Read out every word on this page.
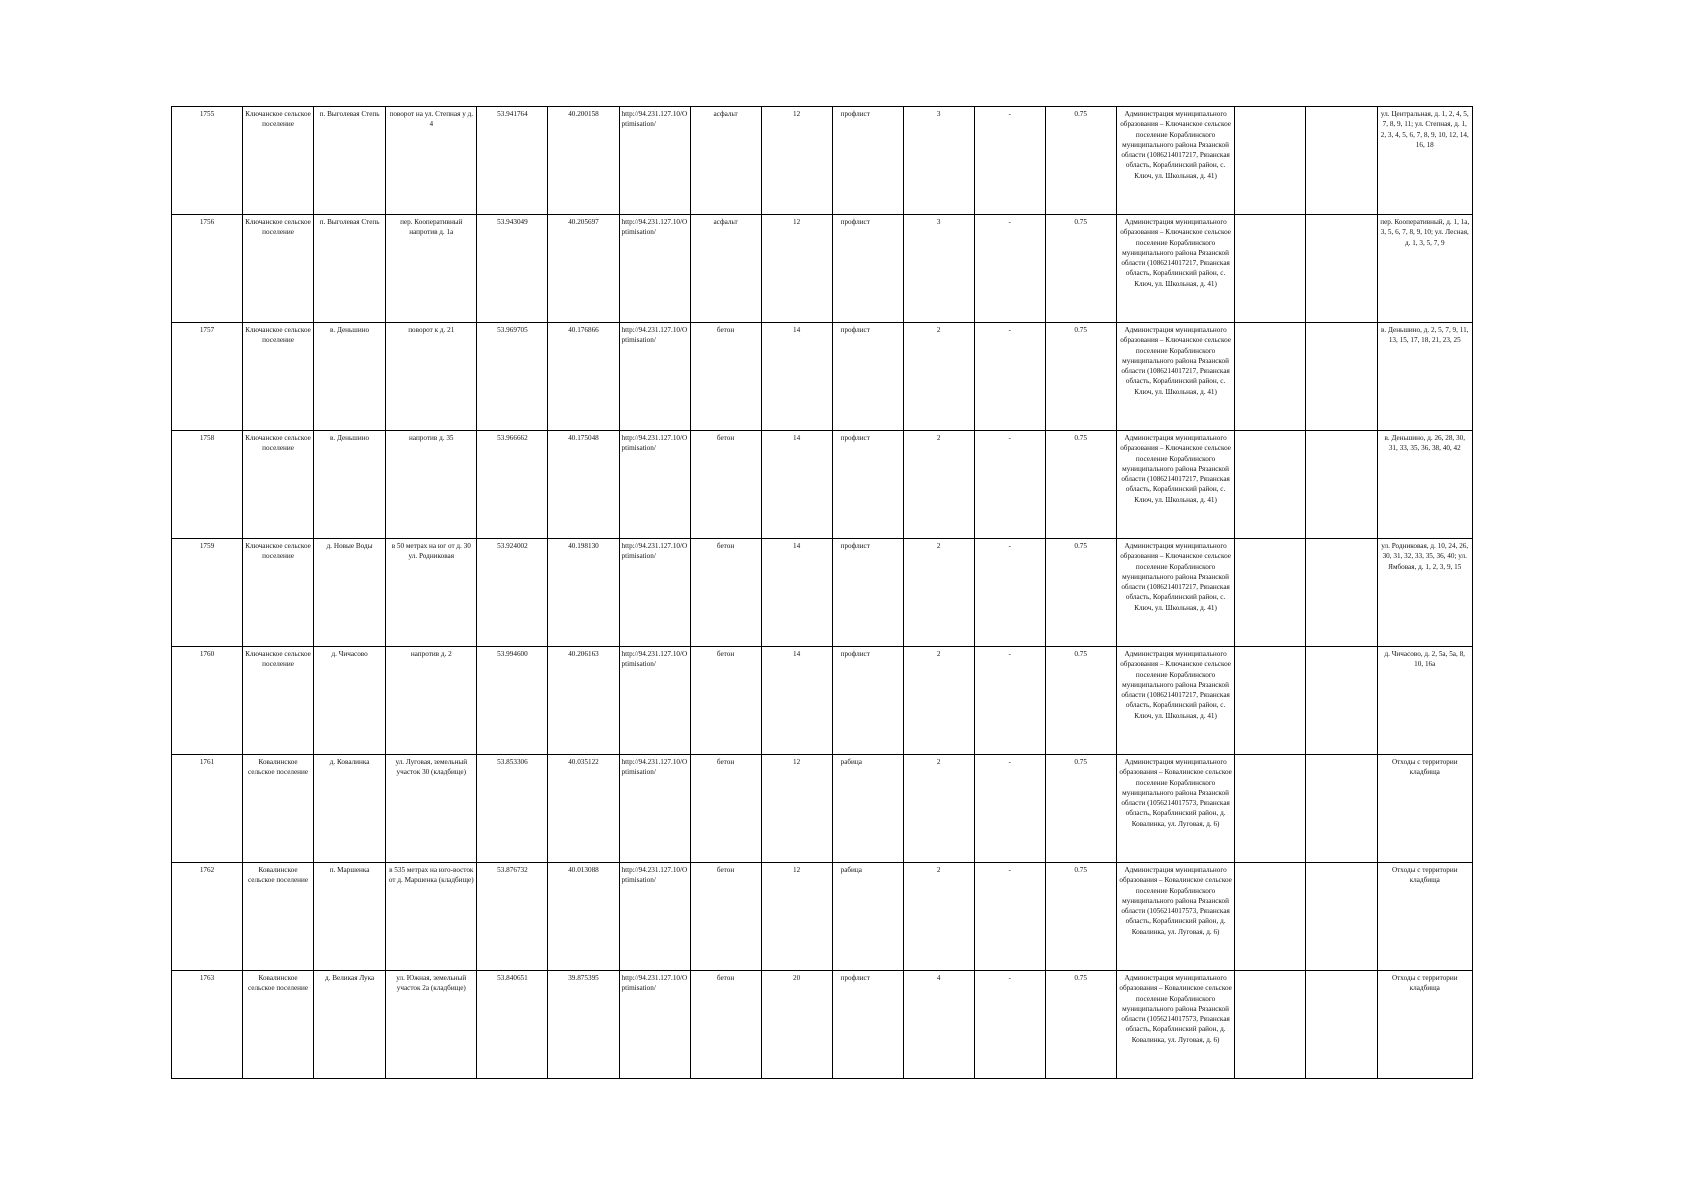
1755	Ключанское сельское поселение	п. Выголевая Степь	поворот на ул. Степная у д. 4	53.941764	40.200158	http://94.231.127.10/Optimisation/	асфальт	12	профлист	3	-	0.75	Администрация муниципального образования – Ключанское сельское поселение Кораблинского муниципального района Рязанской области (1086214017217, Рязанская область, Кораблинский район, с. Ключ, ул. Школьная, д. 41)			ул. Центральная, д. 1, 2, 4, 5, 7, 8, 9, 11; ул. Степная, д. 1, 2, 3, 4, 5, 6, 7, 8, 9, 10, 12, 14, 16, 18
1756	Ключанское сельское поселение	п. Выголевая Степь	пер. Кооперативный напротив д. 1а	53.943049	40.205697	http://94.231.127.10/Optimisation/	асфальт	12	профлист	3	-	0.75	Администрация муниципального образования – Ключанское сельское поселение Кораблинского муниципального района Рязанской области (1086214017217, Рязанская область, Кораблинский район, с. Ключ, ул. Школьная, д. 41)			пер. Кооперативный, д. 1, 1а, 3, 5, 6, 7, 8, 9, 10; ул. Лесная, д. 1, 3, 5, 7, 9
1757	Ключанское сельское поселение	в. Деньшино	поворот к д. 21	53.969705	40.176866	http://94.231.127.10/Optimisation/	бетон	14	профлист	2	-	0.75	Администрация муниципального образования – Ключанское сельское поселение Кораблинского муниципального района Рязанской области (1086214017217, Рязанская область, Кораблинский район, с. Ключ, ул. Школьная, д. 41)			в. Деньшино, д. 2, 5, 7, 9, 11, 13, 15, 17, 18, 21, 23, 25
1758	Ключанское сельское поселение	в. Деньшино	напротив д. 35	53.966662	40.175048	http://94.231.127.10/Optimisation/	бетон	14	профлист	2	-	0.75	Администрация муниципального образования – Ключанское сельское поселение Кораблинского муниципального района Рязанской области (1086214017217, Рязанская область, Кораблинский район, с. Ключ, ул. Школьная, д. 41)			в. Деньшино, д. 26, 28, 30, 31, 33, 35, 36, 38, 40, 42
1759	Ключанское сельское поселение	д. Новые Воды	в 50 метрах на юг от д. 30 ул. Родниковая	53.924002	40.198130	http://94.231.127.10/Optimisation/	бетон	14	профлист	2	-	0.75	Администрация муниципального образования – Ключанское сельское поселение Кораблинского муниципального района Рязанской области (1086214017217, Рязанская область, Кораблинский район, с. Ключ, ул. Школьная, д. 41)			ул. Родниковая, д. 10, 24, 26, 30, 31, 32, 33, 35, 36, 40; ул. Ямбовая, д. 1, 2, 3, 9, 15
1760	Ключанское сельское поселение	д. Чичасово	напротив д. 2	53.994600	40.206163	http://94.231.127.10/Optimisation/	бетон	14	профлист	2	-	0.75	Администрация муниципального образования – Ключанское сельское поселение Кораблинского муниципального района Рязанской области (1086214017217, Рязанская область, Кораблинский район, с. Ключ, ул. Школьная, д. 41)			д. Чичасово, д. 2, 5а, 5а, 8, 10, 16а
1761	Ковалинское сельское поселение	д. Ковалинка	ул. Луговая, земельный участок 30 (кладбище)	53.853306	40.035122	http://94.231.127.10/Optimisation/	бетон	12	рабица	2	-	0.75	Администрация муниципального образования – Ковалинское сельское поселение Кораблинского муниципального района Рязанской области (1056214017573, Рязанская область, Кораблинский район, д. Ковалинка, ул. Луговая, д. 6)			Отходы с территории кладбища
1762	Ковалинское сельское поселение	п. Маршенка	в 535 метрах на юго-восток от д. Маршенка (кладбище)	53.876732	40.013088	http://94.231.127.10/Optimisation/	бетон	12	рабица	2	-	0.75	Администрация муниципального образования – Ковалинское сельское поселение Кораблинского муниципального района Рязанской области (1056214017573, Рязанская область, Кораблинский район, д. Ковалинка, ул. Луговая, д. 6)			Отходы с территории кладбища
1763	Ковалинское сельское поселение	д. Великая Лука	ул. Южная, земельный участок 2а (кладбище)	53.840651	39.875395	http://94.231.127.10/Optimisation/	бетон	20	профлист	4	-	0.75	Администрация муниципального образования – Ковалинское сельское поселение Кораблинского муниципального района Рязанской области (1056214017573, Рязанская область, Кораблинский район, д. Ковалинка, ул. Луговая, д. 6)			Отходы с территории кладбища
